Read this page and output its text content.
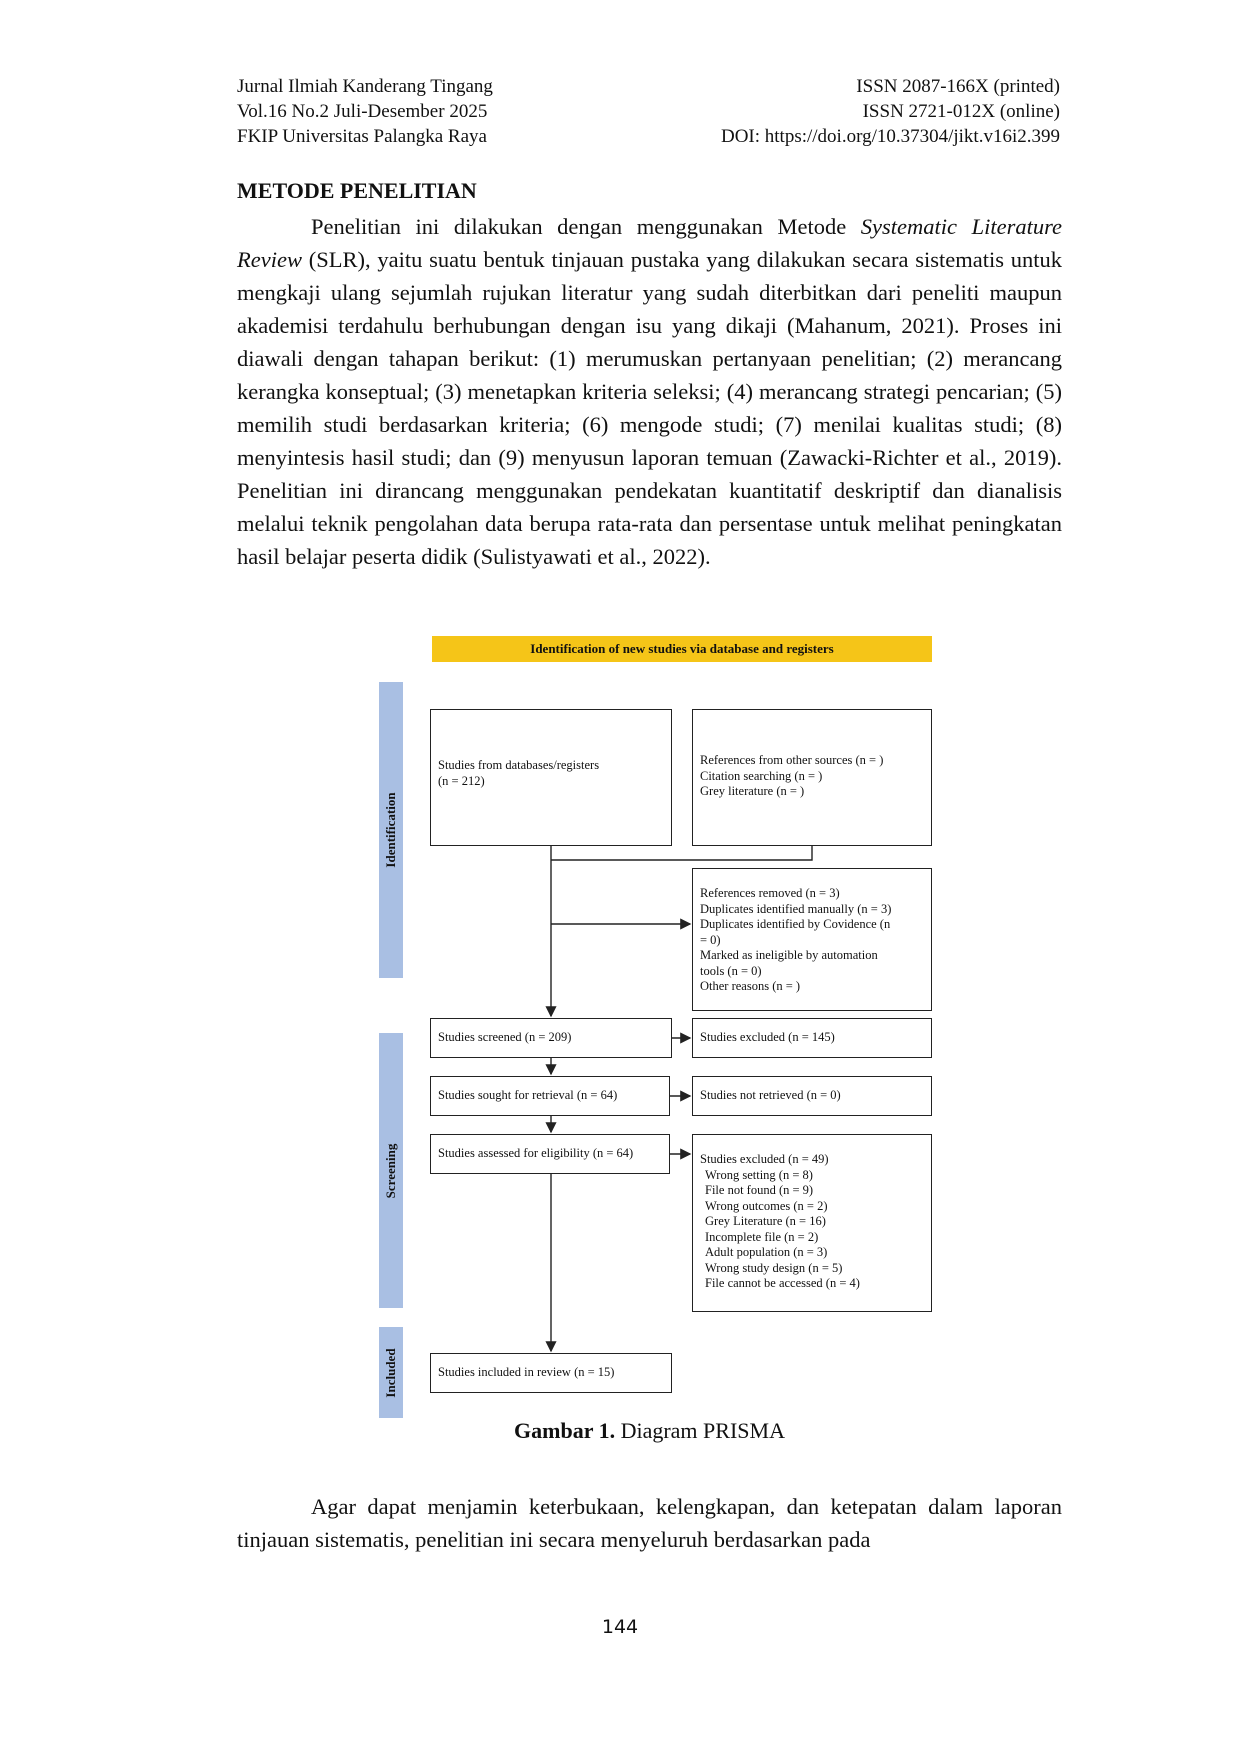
Jurnal Ilmiah Kanderang Tingang
Vol.16 No.2 Juli-Desember 2025
FKIP Universitas Palangka Raya
ISSN 2087-166X (printed)
ISSN 2721-012X (online)
DOI: https://doi.org/10.37304/jikt.v16i2.399
METODE PENELITIAN

Penelitian ini dilakukan dengan menggunakan Metode Systematic Literature Review (SLR), yaitu suatu bentuk tinjauan pustaka yang dilakukan secara sistematis untuk mengkaji ulang sejumlah rujukan literatur yang sudah diterbitkan dari peneliti maupun akademisi terdahulu berhubungan dengan isu yang dikaji (Mahanum, 2021). Proses ini diawali dengan tahapan berikut: (1) merumuskan pertanyaan penelitian; (2) merancang kerangka konseptual; (3) menetapkan kriteria seleksi; (4) merancang strategi pencarian; (5) memilih studi berdasarkan kriteria; (6) mengode studi; (7) menilai kualitas studi; (8) menyintesis hasil studi; dan (9) menyusun laporan temuan (Zawacki-Richter et al., 2019). Penelitian ini dirancang menggunakan pendekatan kuantitatif deskriptif dan dianalisis melalui teknik pengolahan data berupa rata-rata dan persentase untuk melihat peningkatan hasil belajar peserta didik (Sulistyawati et al., 2022).

Identification of new studies via database and registers
Identification
Screening
Included
Studies from databases/registers
(n = 212)
References from other sources (n = )
Citation searching (n = )
Grey literature (n = )
References removed (n = 3)
Duplicates identified manually (n = 3)
Duplicates identified by Covidence (n
= 0)
Marked as ineligible by automation
tools (n = 0)
Other reasons (n = )
Studies screened (n = 209)	Studies excluded (n = 145)
Studies sought for retrieval (n = 64)	Studies not retrieved (n = 0)
Studies assessed for eligibility (n = 64)	Studies excluded (n = 49)
Wrong setting (n = 8)
File not found (n = 9)
Wrong outcomes (n = 2)
Grey Literature (n = 16)
Incomplete file (n = 2)
Adult population (n = 3)
Wrong study design (n = 5)
File cannot be accessed (n = 4)
Studies included in review (n = 15)
Gambar 1. Diagram PRISMA

Agar dapat menjamin keterbukaan, kelengkapan, dan ketepatan dalam laporan tinjauan sistematis, penelitian ini secara menyeluruh berdasarkan pada

144
